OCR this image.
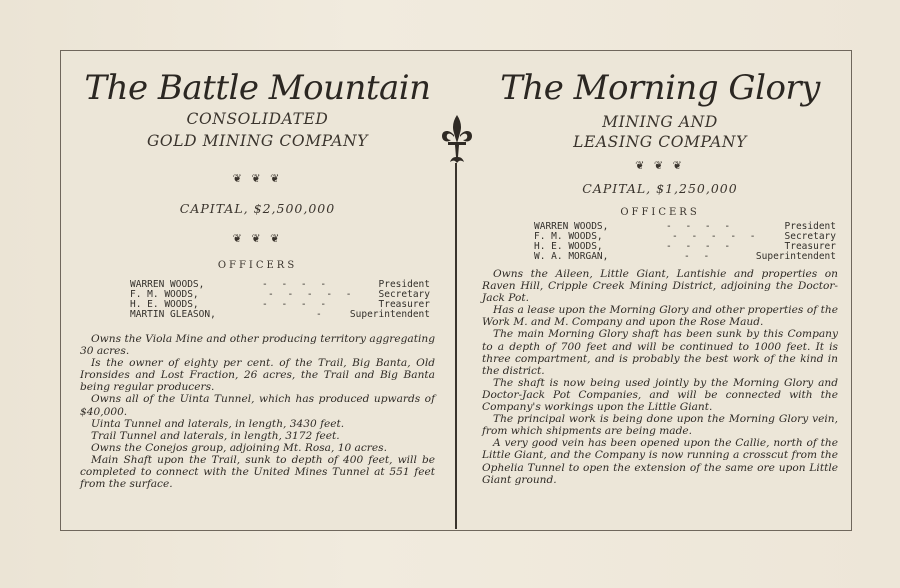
The Battle Mountain
CONSOLIDATED
GOLD MINING COMPANY
❦ ❦ ❦
CAPITAL, $2,500,000
❦ ❦ ❦
OFFICERS
WARREN WOODS,	- - - -	President
F. M. WOODS,	- - - - - Secretary
H. E. WOODS,	- - - -	Treasurer
MARTIN GLEASON,	-	Superintendent

Owns the Viola Mine and other producing territory aggregating 30 acres.

Is the owner of eighty per cent. of the Trail, Big Banta, Old Ironsides and Lost Fraction, 26 acres, the Trail and Big Banta being regular producers.

Owns all of the Uinta Tunnel, which has produced upwards of $40,000.

Uinta Tunnel and laterals, in length, 3430 feet.

Trail Tunnel and laterals, in length, 3172 feet.

Owns the Conejos group, adjoining Mt. Rosa, 10 acres.

Main Shaft upon the Trail, sunk to depth of 400 feet, will be completed to connect with the United Mines Tunnel at 551 feet from the surface.

The Morning Glory
MINING AND
LEASING COMPANY
❦ ❦ ❦
CAPITAL, $1,250,000
OFFICERS
WARREN WOODS,	- - - -	President
F. M. WOODS,	- - - - -	Secretary
H. E. WOODS,	- - - -	Treasurer
W. A. MORGAN,	- -	Superintendent

Owns the Aileen, Little Giant, Lantishie and properties on Raven Hill, Cripple Creek Mining District, adjoining the Doctor-Jack Pot.

Has a lease upon the Morning Glory and other properties of the Work M. and M. Company and upon the Rose Maud.

The main Morning Glory shaft has been sunk by this Company to a depth of 700 feet and will be continued to 1000 feet. It is three compartment, and is probably the best work of the kind in the district.

The shaft is now being used jointly by the Morning Glory and Doctor-Jack Pot Companies, and will be connected with the Company's workings upon the Little Giant.

The principal work is being done upon the Morning Glory vein, from which shipments are being made.

A very good vein has been opened upon the Callie, north of the Little Giant, and the Company is now running a crosscut from the Ophelia Tunnel to open the extension of the same ore upon Little Giant ground.
